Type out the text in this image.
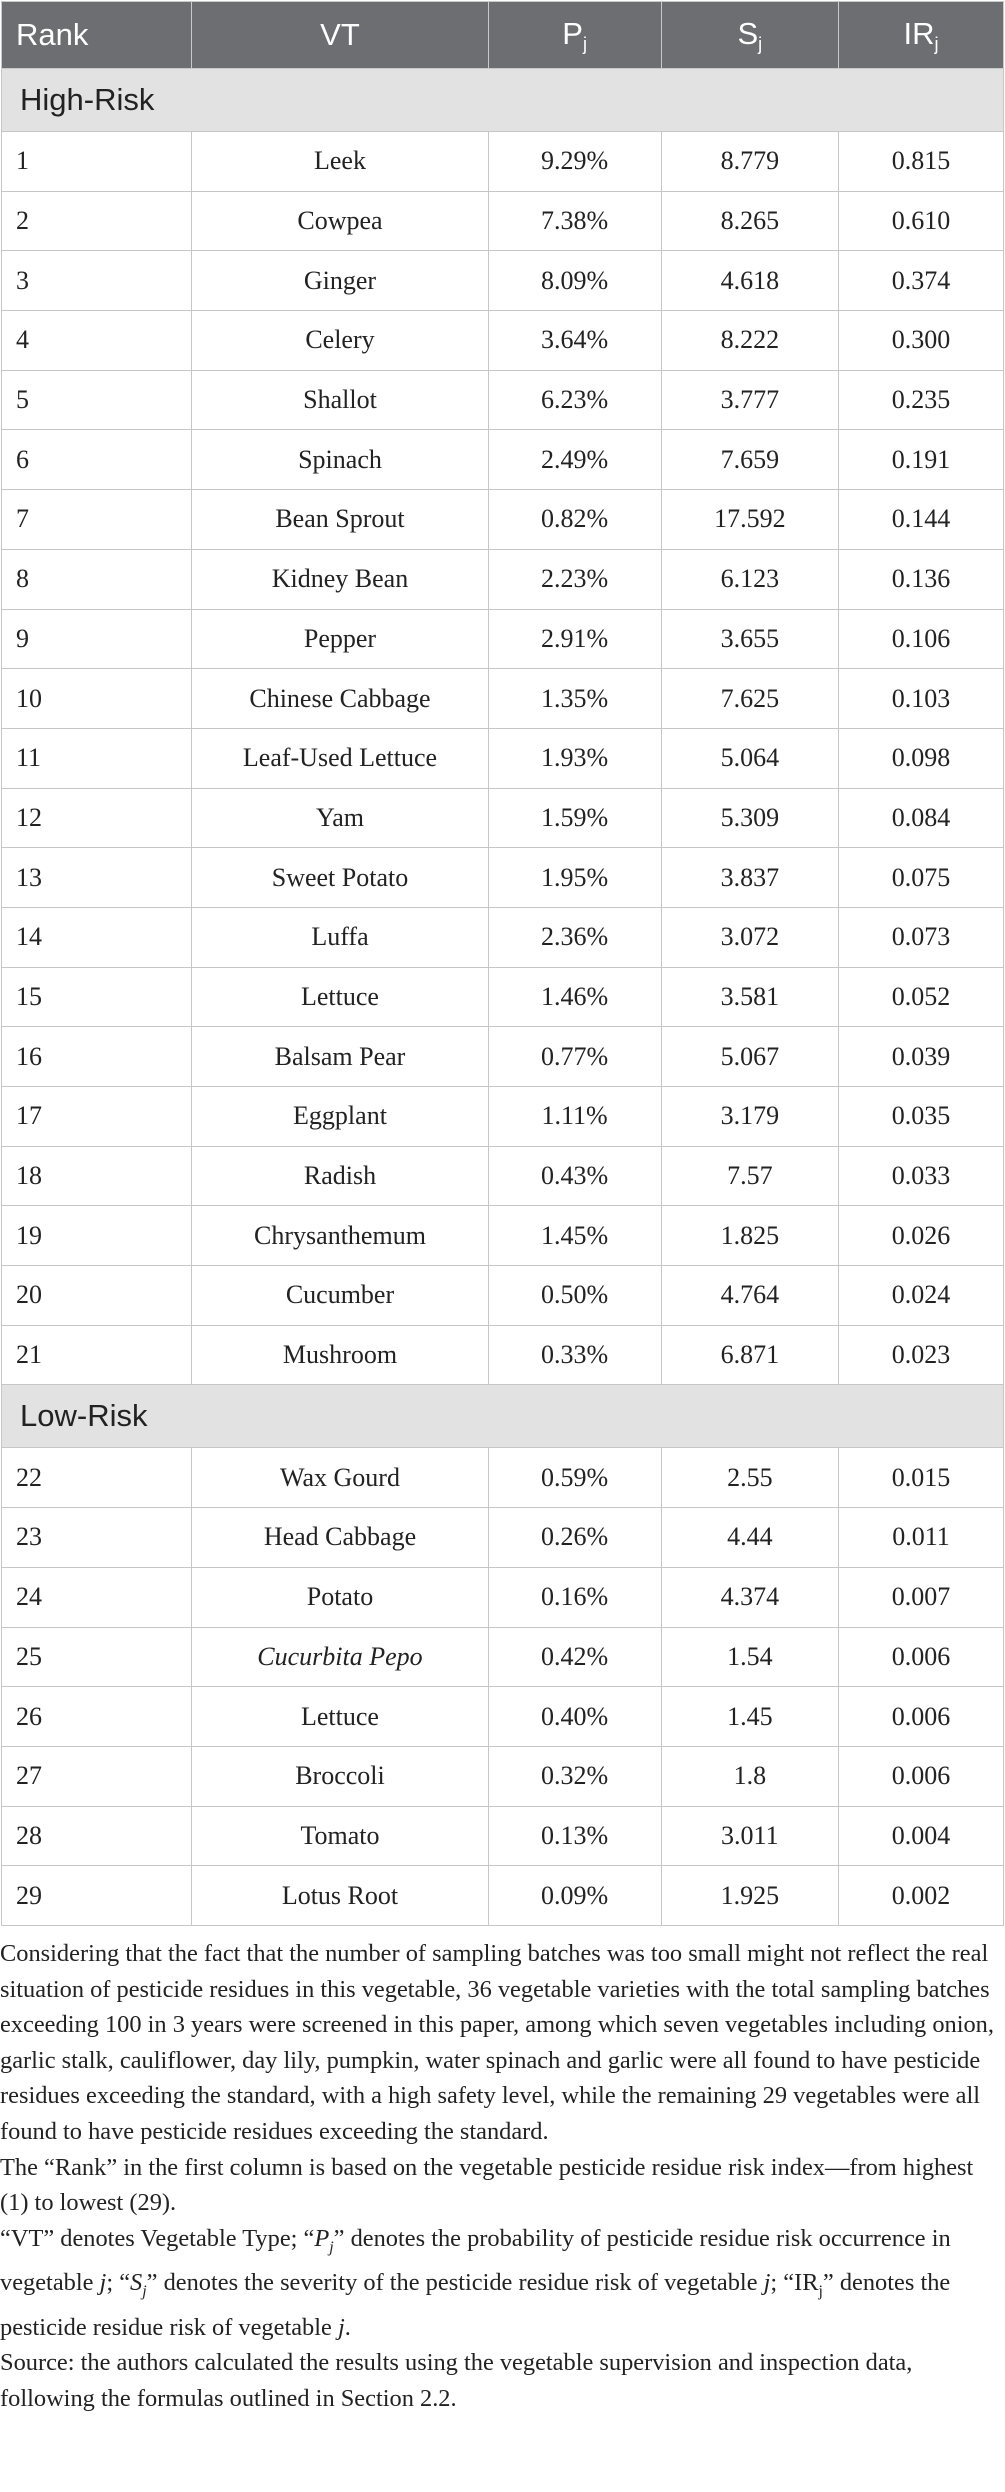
Rank	VT	$P_j$	$S_j$	$IR_j$
High-Risk				
1	Leek	9.29%	8.779	0.815
2	Cowpea	7.38%	8.265	0.610
3	Ginger	8.09%	4.618	0.374
4	Celery	3.64%	8.222	0.300
5	Shallot	6.23%	3.777	0.235
6	Spinach	2.49%	7.659	0.191
7	Bean Sprout	0.82%	17.592	0.144
8	Kidney Bean	2.23%	6.123	0.136
9	Pepper	2.91%	3.655	0.106
10	Chinese Cabbage	1.35%	7.625	0.103
11	Leaf-Used Lettuce	1.93%	5.064	0.098
12	Yam	1.59%	5.309	0.084
13	Sweet Potato	1.95%	3.837	0.075
14	Luffa	2.36%	3.072	0.073
15	Lettuce	1.46%	3.581	0.052
16	Balsam Pear	0.77%	5.067	0.039
17	Eggplant	1.11%	3.179	0.035
18	Radish	0.43%	7.57	0.033
19	Chrysanthemum	1.45%	1.825	0.026
20	Cucumber	0.50%	4.764	0.024
21	Mushroom	0.33%	6.871	0.023
Low-Risk				
22	Wax Gourd	0.59%	2.55	0.015
23	Head Cabbage	0.26%	4.44	0.011
24	Potato	0.16%	4.374	0.007
25	Cucurbita Pepo	0.42%	1.54	0.006
26	Lettuce	0.40%	1.45	0.006
27	Broccoli	0.32%	1.8	0.006
28	Tomato	0.13%	3.011	0.004
29	Lotus Root	0.09%	1.925	0.002

Considering that the fact that the number of sampling batches was too small might not reflect the real situation of pesticide residues in this vegetable, 36 vegetable varieties with the total sampling batches exceeding 100 in 3 years were screened in this paper, among which seven vegetables including onion, garlic stalk, cauliflower, day lily, pumpkin, water spinach and garlic were all found to have pesticide residues exceeding the standard, with a high safety level, while the remaining 29 vegetables were all found to have pesticide residues exceeding the standard.

The “Rank” in the first column is based on the vegetable pesticide residue risk index—from highest (1) to lowest (29).

“VT” denotes Vegetable Type; “$P_j$” denotes the probability of pesticide residue risk occurrence in vegetable j; “$S_j$” denotes the severity of the pesticide residue risk of vegetable j; “$IR_j$” denotes the pesticide residue risk of vegetable j.

Source: the authors calculated the results using the vegetable supervision and inspection data, following the formulas outlined in Section 2.2.
